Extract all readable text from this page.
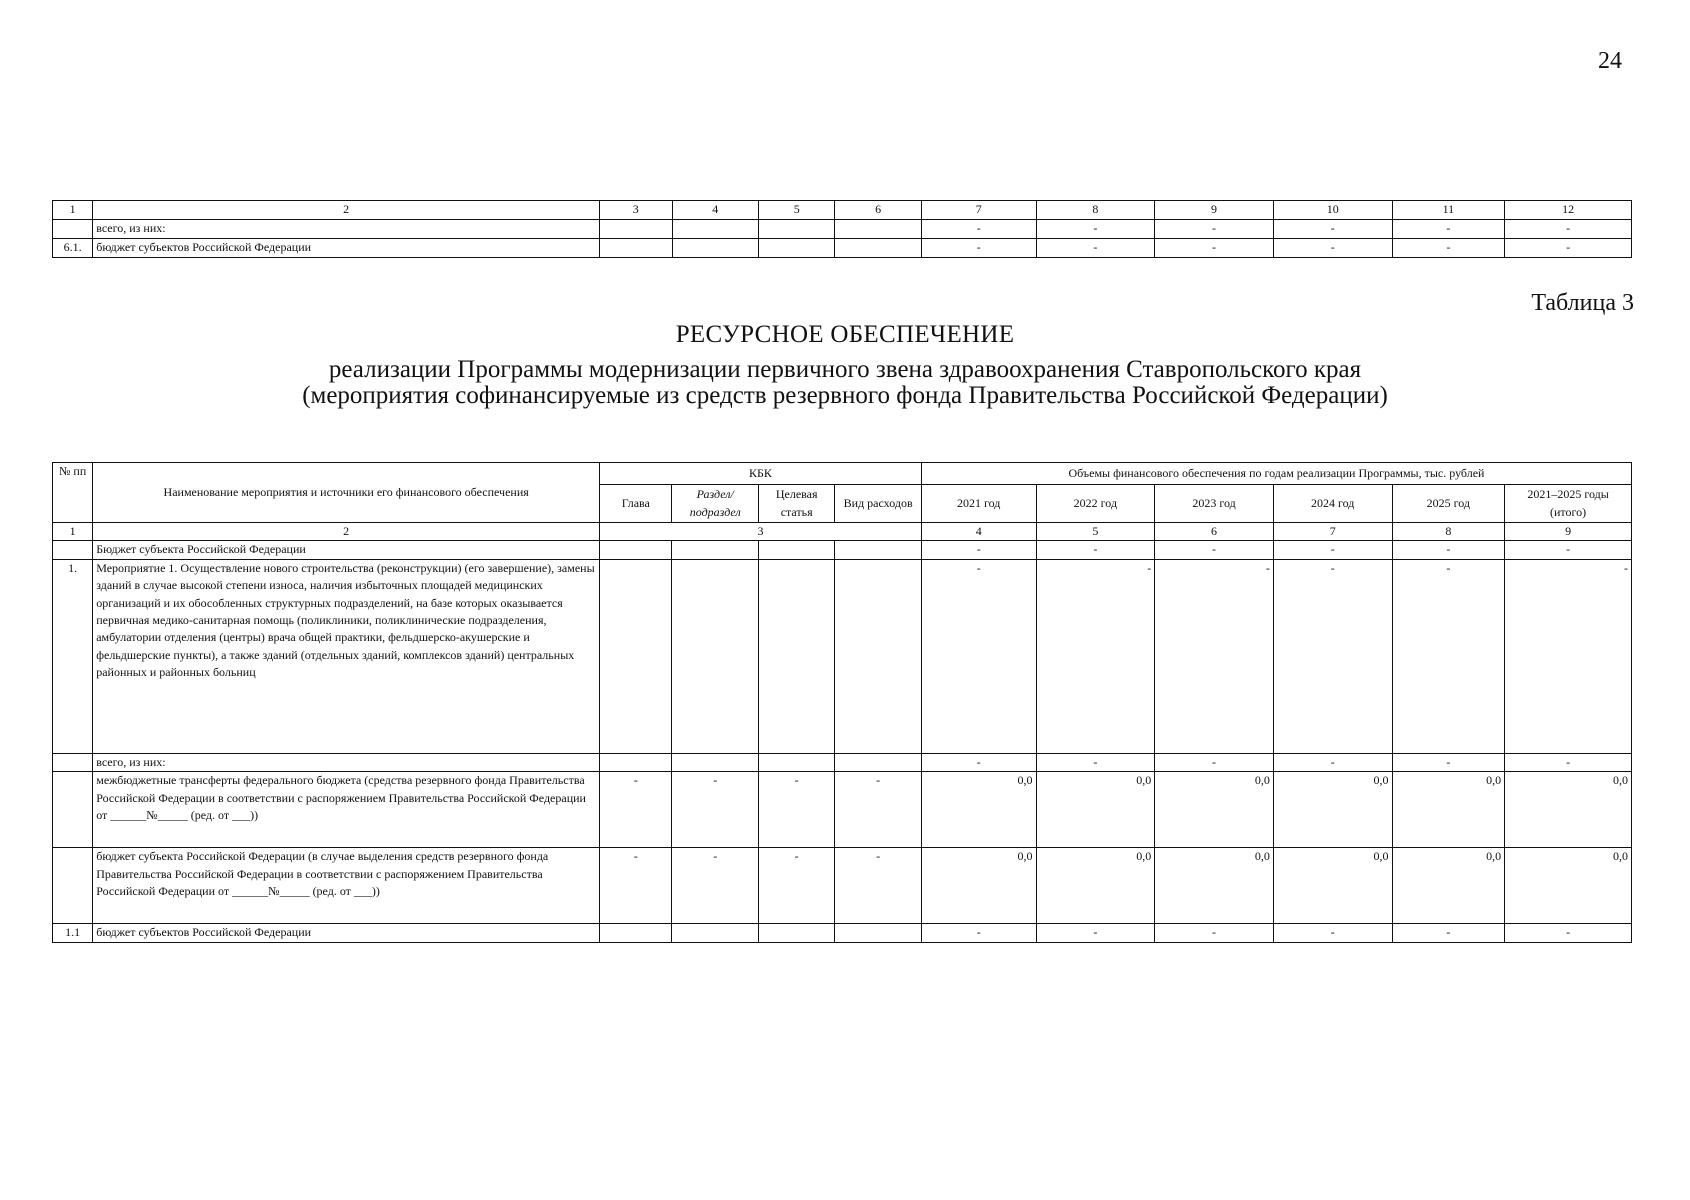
24
1	2	3	4	5	6	7	8	9	10	11	12
	всего, из них:					-	-	-	-	-	-
6.1.	бюджет субъектов Российской Федерации					-	-	-	-	-	-
Таблица 3
РЕСУРСНОЕ ОБЕСПЕЧЕНИЕ
реализации Программы модернизации первичного звена здравоохранения Ставропольского края
(мероприятия софинансируемые из средств резервного фонда Правительства Российской Федерации)
№ пп	Наименование мероприятия и источники его финансового обеспечения	КБК				Объемы финансового обеспечения по годам реализации Программы, тыс. рублей					
		Глава	Раздел/ подраздел	Целевая статья	Вид расходов	2021 год	2022 год	2023 год	2024 год	2025 год	2021–2025 годы (итого)
1	2	3				4	5	6	7	8	9
	Бюджет субъекта Российской Федерации					-	-	-	-	-	-
1.	Мероприятие 1. Осуществление нового строительства (реконструкции) (его завершение), замены зданий в случае высокой степени износа, наличия избыточных площадей медицинских организаций и их обособленных структурных подразделений, на базе которых оказывается первичная медико-санитарная помощь (поликлиники, поликлинические подразделения, амбулатории отделения (центры) врача общей практики, фельдшерско-акушерские и фельдшерские пункты), а также зданий (отдельных зданий, комплексов зданий) центральных районных и районных больниц					-	-	-	-	-	-
	всего, из них:					-	-	-	-	-	-
	межбюджетные трансферты федерального бюджета (средства резервного фонда Правительства Российской Федерации в соответствии с распоряжением Правительства Российской Федерации от ______№_____ (ред. от ___))	-	-	-	-	0,0	0,0	0,0	0,0	0,0	0,0
	бюджет субъекта Российской Федерации (в случае выделения средств резервного фонда Правительства Российской Федерации в соответствии с распоряжением Правительства Российской Федерации от ______№_____ (ред. от ___))	-	-	-	-	0,0	0,0	0,0	0,0	0,0	0,0
1.1	бюджет субъектов Российской Федерации					-	-	-	-	-	-
